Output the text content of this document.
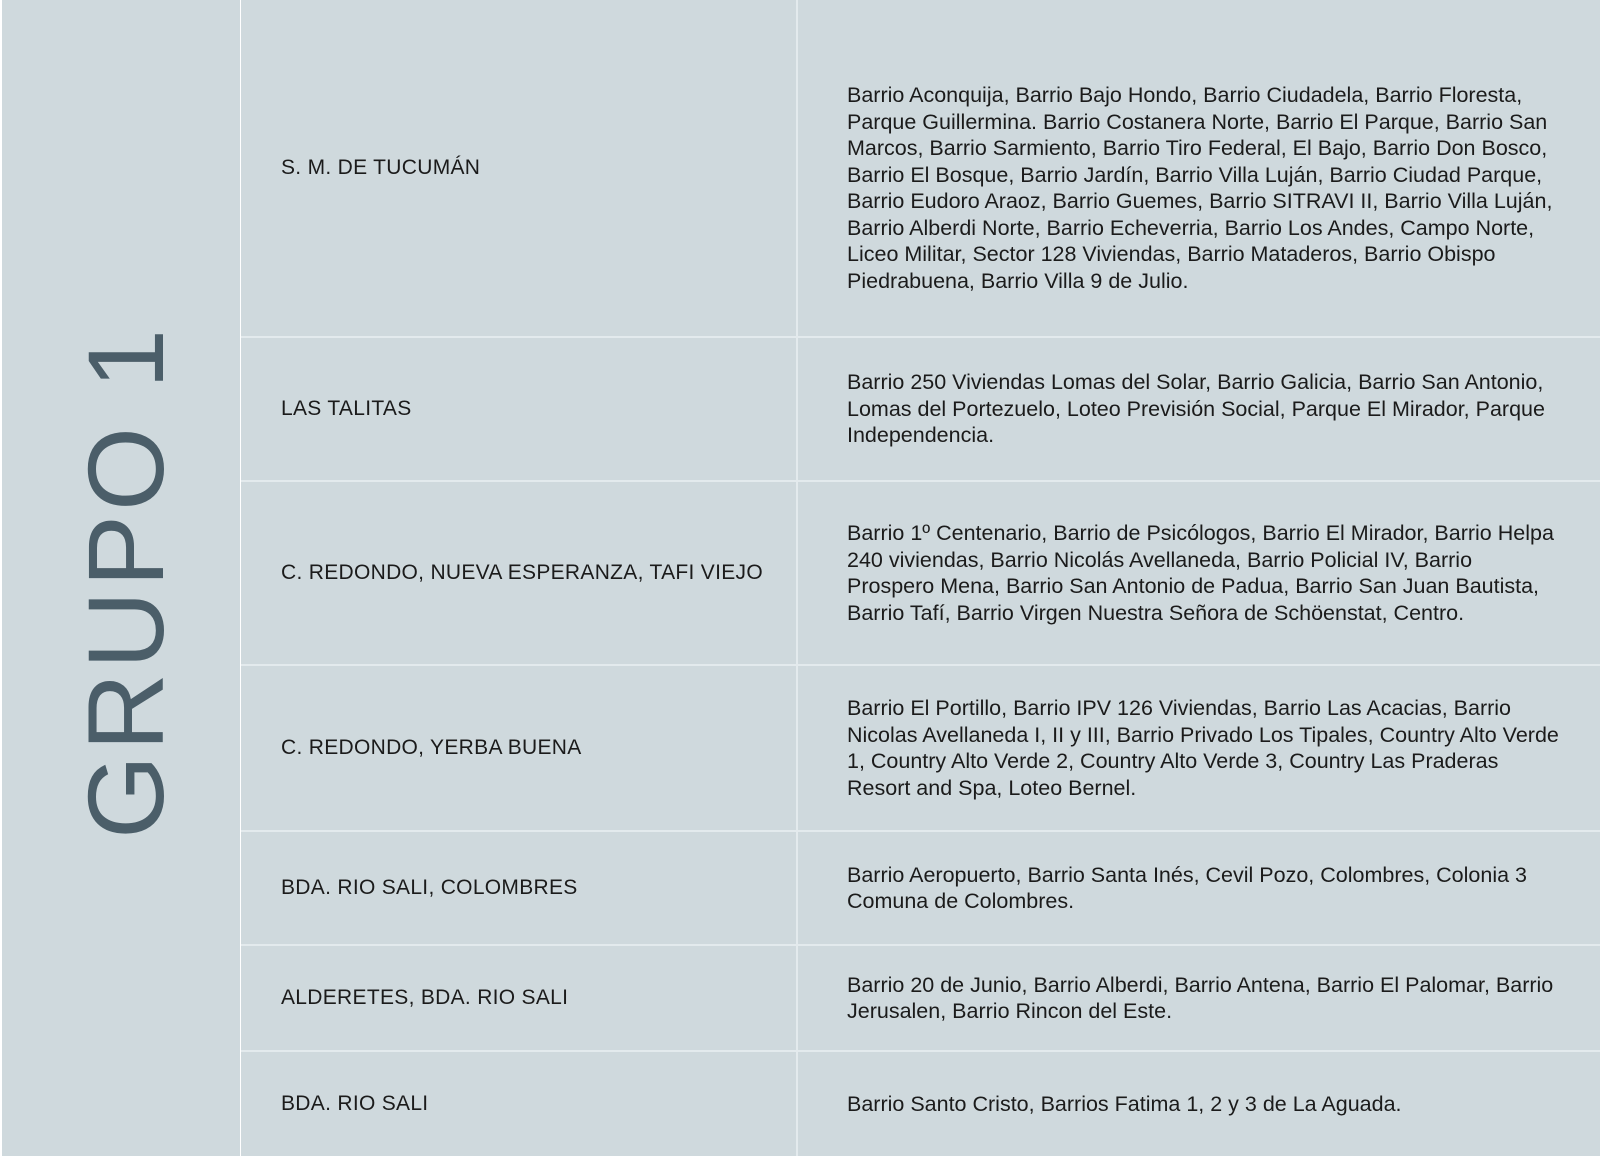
GRUPO 1
S. M. DE TUCUMÁN
Barrio Aconquija, Barrio Bajo Hondo, Barrio Ciudadela, Barrio Floresta, Parque Guillermina. Barrio Costanera Norte, Barrio El Parque, Barrio San Marcos, Barrio Sarmiento, Barrio Tiro Federal, El Bajo, Barrio Don Bosco, Barrio El Bosque, Barrio Jardín, Barrio Villa Luján, Barrio Ciudad Parque, Barrio Eudoro Araoz, Barrio Guemes, Barrio SITRAVI II, Barrio Villa Luján, Barrio Alberdi Norte, Barrio Echeverria, Barrio Los Andes, Campo Norte, Liceo Militar, Sector 128 Viviendas, Barrio Mataderos, Barrio Obispo Piedrabuena, Barrio Villa 9 de Julio.
LAS TALITAS
Barrio 250 Viviendas Lomas del Solar, Barrio Galicia, Barrio San Antonio, Lomas del Portezuelo, Loteo Previsión Social, Parque El Mirador, Parque Independencia.
C. REDONDO, NUEVA ESPERANZA, TAFI VIEJO
Barrio 1º Centenario, Barrio de Psicólogos, Barrio El Mirador, Barrio Helpa 240 viviendas, Barrio Nicolás Avellaneda, Barrio Policial IV, Barrio Prospero Mena, Barrio San Antonio de Padua, Barrio San Juan Bautista, Barrio Tafí, Barrio Virgen Nuestra Señora de Schöenstat, Centro.
C. REDONDO, YERBA BUENA
Barrio El Portillo, Barrio IPV 126 Viviendas, Barrio Las Acacias, Barrio Nicolas Avellaneda I, II y III, Barrio Privado Los Tipales, Country Alto Verde 1, Country Alto Verde 2, Country Alto Verde 3, Country Las Praderas Resort and Spa, Loteo Bernel.
BDA. RIO SALI, COLOMBRES
Barrio Aeropuerto, Barrio Santa Inés, Cevil Pozo, Colombres, Colonia 3 Comuna de Colombres.
ALDERETES, BDA. RIO SALI
Barrio 20 de Junio, Barrio Alberdi, Barrio Antena, Barrio El Palomar, Barrio Jerusalen, Barrio Rincon del Este.
BDA. RIO SALI	Barrio Santo Cristo, Barrios Fatima 1, 2 y 3 de La Aguada.
